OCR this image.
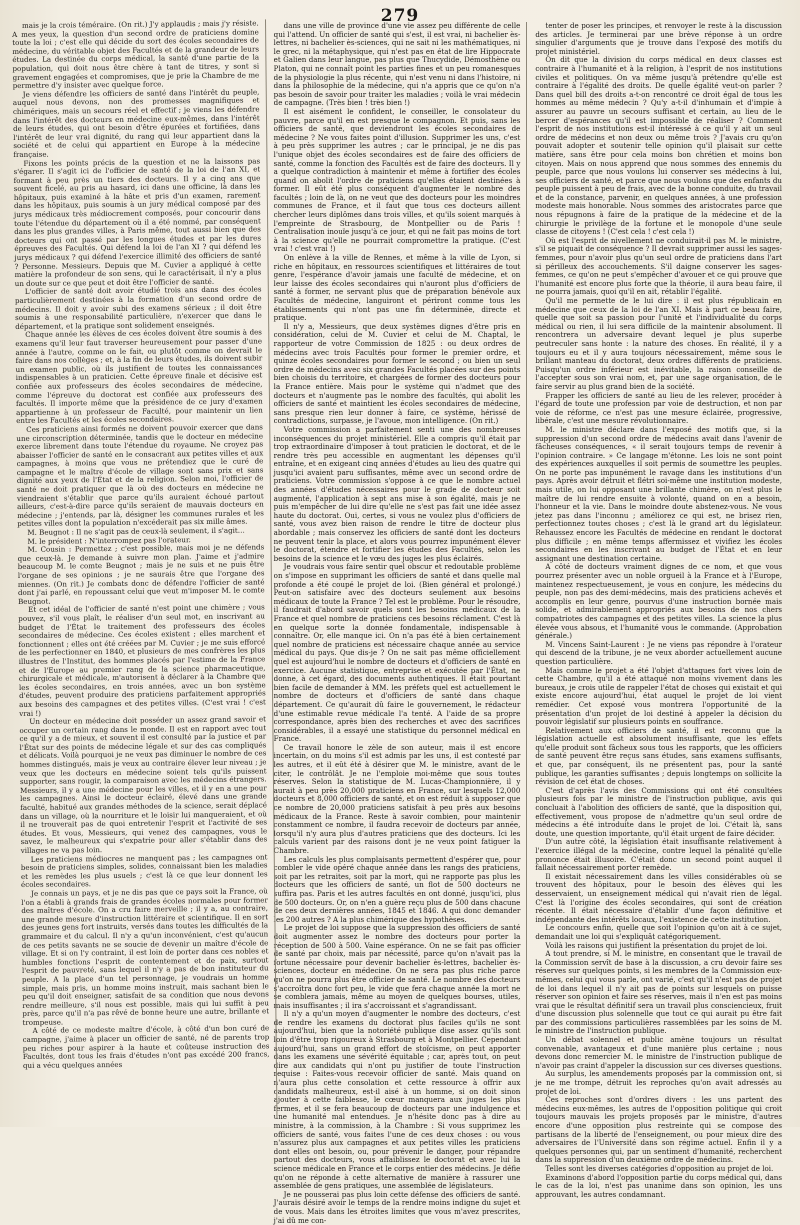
279

mais je la crois téméraire. (On rit.) J'y applaudis ; mais j'y résiste. A mes yeux, la question d'un second ordre de praticiens domine toute la loi ; c'est elle qui décide du sort des écoles secondaires de médecine, du véritable objet des Facultés et de la grandeur de leurs études. La destinée du corps médical, la santé d'une partie de la population, qui doit nous être chère à tant de titres, y sont si gravement engagées et compromises, que je prie la Chambre de me permettre d'y insister avec quelque force.

Je viens défendre les officiers de santé dans l'intérêt du peuple, auquel nous devons, non des promesses magnifiques et chimériques, mais un secours réel et effectif ; je viens les défendre dans l'intérêt des docteurs en médecine eux-mêmes, dans l'intérêt de leurs études, qui ont besoin d'être épurées et fortifiées, dans l'intérêt de leur vrai dignité, du rang qui leur appartient dans la société et de celui qui appartient en Europe à la médecine française.

Fixons les points précis de la question et ne la laissons pas s'égarer. Il s'agit ici de l'officier de santé de la loi de l'an XI, et formant à peu près un tiers des docteurs. Il y a cinq ans que souvent ficelé, au pris au hasard, ici dans une officine, là dans les hôpitaux, puis examiné à la hâte et pris d'un examen, rarement dans les hôpitaux, puis soumis à un jury médical composé par des jurys médicaux très médiocrement composés, pour concourir dans toute l'étendue du département où il a été nommé, par conséquent dans les plus grandes villes, à Paris même, tout aussi bien que des docteurs qui ont passé par les longues études et par les dures épreuves des Facultés. Qui défend la loi de l'an XI ? qui défend les jurys médicaux ? qui défend l'exercice illimité des officiers de santé ? Personne. Messieurs. Depuis que M. Cuvier a appliqué à cette matière la profondeur de son sens, qui le caractérisait, il n'y a plus un doute sur ce que peut et doit être l'officier de santé.

L'officier de santé doit avoir étudié trois ans dans des écoles particulièrement destinées à la formation d'un second ordre de médecins. Il doit y avoir subi des examens sérieux ; il doit être soumis à une responsabilité particulière, n'exercer que dans le département, et la pratique sont solidement enseignés.

Chaque année les élèves de ces écoles doivent être soumis à des examens qu'il leur faut traverser heureusement pour passer d'une année à l'autre, comme on le fait, ou plutôt comme on devrait le faire dans nos collèges ; et, à la fin de leurs études, ils doivent subir un examen public, où ils justifient de toutes les connaissances indispensables à un praticien. Cette épreuve finale et décisive est confiée aux professeurs des écoles secondaires de médecine, comme l'épreuve du doctorat est confiée aux professeurs des facultés. Il importe même que la présidence de ce jury d'examen appartienne à un professeur de Faculté, pour maintenir un lien entre les Facultés et les écoles secondaires.

Ces praticiens ainsi formés ne doivent pouvoir exercer que dans une circonscription déterminée, tandis que le docteur en médecine exerce librement dans toute l'étendue du royaume. Ne croyez pas abaisser l'officier de santé en le consacrant aux petites villes et aux campagnes, à moins que vous ne prétendiez que le curé de campagne et le maître d'école de village sont sans prix et sans dignité aux yeux de l'État et de la religion. Selon moi, l'officier de santé ne doit pratiquer que là où des docteurs en médecine ne viendraient s'établir que parce qu'ils auraient échoué partout ailleurs, c'est-à-dire parce qu'ils seraient de mauvais docteurs en médecine ; j'entends, par là, désigner les communes rurales et les petites villes dont la population n'excéderait pas six mille âmes.

M. Beugnot : Il ne s'agit pas de ceux-là seulement, il s'agit…

M. le président : N'interrompez pas l'orateur.

M. Cousin : Permettez ; c'est possible, mais moi je ne défends que ceux-là. Je demande à suivre mon plan. J'aime et j'admire beaucoup M. le comte Beugnot ; mais je ne suis et ne puis être l'organe de ses opinions ; je ne saurais être que l'organe des miennes. (On rit.) Je combats donc de défendre l'officier de santé dont j'ai parlé, en repoussant celui que veut m'imposer M. le comte Beugnot.

Et cet idéal de l'officier de santé n'est point une chimère ; vous pouvez, s'il vous plaît, le réaliser d'un seul mot, en inscrivant au budget de l'État le traitement des professeurs des écoles secondaires de médecine. Ces écoles existent ; elles marchent et fonctionnent ; elles ont été créées par M. Cuvier ; je me suis efforcé de les perfectionner en 1840, et plusieurs de mes confrères les plus illustres de l'Institut, des hommes placés par l'estime de la France et de l'Europe au premier rang de la science pharmaceutique, chirurgicale et médicale, m'autorisent à déclarer à la Chambre que les écoles secondaires, en trois années, avec un bon système d'études, peuvent produire des praticiens parfaitement appropriés aux besoins des campagnes et des petites villes. (C'est vrai ! c'est vrai !)

Un docteur en médecine doit posséder un assez grand savoir et occuper un certain rang dans le monde. Il est en rapport avec tout ce qu'il y a de mieux, et souvent il est consulté par la justice et par l'État sur des points de médecine légale et sur des cas compliqués et délicats. Voilà pourquoi je ne veux pas diminuer le nombre de ces hommes distingués, mais je veux au contraire élever leur niveau ; je veux que les docteurs en médecine soient tels qu'ils puissent supporter, sans rougir, la comparaison avec les médecins étrangers. Messieurs, il y a une médecine pour les villes, et il y en a une pour les campagnes. Ainsi le docteur éclairé, élevé dans une grande faculté, habitué aux grandes méthodes de la science, serait déplacé dans un village, où la nourriture et le loisir lui manqueraient, et où il ne trouverait pas de quoi entretenir l'esprit et l'activité de ses études. Et vous, Messieurs, qui venez des campagnes, vous le savez, le malheureux qui s'expatrie pour aller s'établir dans des villages ne va pas loin.

Les praticiens médiocres ne manquent pas ; les campagnes ont besoin de praticiens simples, solides, connaissant bien les maladies et les remèdes les plus usuels ; c'est là ce que leur donnent les écoles secondaires.

Je connais un pays, et je ne dis pas que ce pays soit la France, où l'on a établi à grands frais de grandes écoles normales pour former des maîtres d'école. On a cru faire merveille ; il y a, au contraire, une grande mesure d'instruction littéraire et scientifique. Il en sort des jeunes gens fort instruits, versés dans toutes les difficultés de la grammaire et du calcul. Il n'y a qu'un inconvénient, c'est qu'aucun de ces petits savants ne se soucie de devenir un maître d'école de village. Et si on l'y contraint, il est loin de porter dans ces nobles et humbles fonctions l'esprit de contentement et de paix, surtout l'esprit de pauvreté, sans lequel il n'y a pas de bon instituteur du peuple. A la place d'un tel personnage, je voudrais un homme simple, mais pris, un homme moins instruit, mais sachant bien le peu qu'il doit enseigner, satisfait de sa condition que nous devons rendre meilleure, s'il nous est possible, mais qui lui suffit à peu près, parce qu'il n'a pas rêvé de bonne heure une autre, brillante et trompeuse.

A côté de ce modeste maître d'école, à côté d'un bon curé de campagne, j'aime à placer un officier de santé, né de parents trop peu riches pour aspirer à la haute et coûteuse instruction des Facultés, dont tous les frais d'études n'ont pas excédé 200 francs, qui a vécu quelques années

dans une ville de province d'une vie assez peu différente de celle qui l'attend. Un officier de santé qui s'est, il est vrai, ni bachelier ès-lettres, ni bachelier ès-sciences, qui ne sait ni les mathématiques, ni le grec, ni la métaphysique, qui n'est pas en état de lire Hippocrate et Galien dans leur langue, pas plus que Thucydide, Démosthène ou Platon, qui ne connaît point les parties fines et un peu romanesques de la physiologie la plus récente, qui n'est venu ni dans l'histoire, ni dans la philosophie de la médecine, qui n'a appris que ce qu'on n'a pas besoin de savoir pour traiter les maladies ; voilà le vrai médecin de campagne. (Très bien ! très bien !)

Il est aisément le confident, le conseiller, le consolateur du pauvre, parce qu'il en est presque le compagnon. Et puis, sans les officiers de santé, que deviendront les écoles secondaires de médecine ? Ne vous faites point d'illusion. Supprimer les uns, c'est à peu près supprimer les autres ; car le principal, je ne dis pas l'unique objet des écoles secondaires est de faire des officiers de santé, comme la fonction des Facultés est de faire des docteurs. Il y a quelque contradiction à maintenir et même à fortifier des écoles quand on abolit l'ordre de praticiens qu'elles étaient destinées à former. Il eût été plus conséquent d'augmenter le nombre des facultés ; loin de là, on ne veut que des docteurs pour les moindres communes de France, et il faut que tous ces docteurs aillent chercher leurs diplômes dans trois villes, et qu'ils soient marqués à l'empreinte de Strasbourg, de Montpellier ou de Paris ! Centralisation inouïe jusqu'à ce jour, et qui ne fait pas moins de tort à la science qu'elle ne pourrait compromettre la pratique. (C'est vrai ! c'est vrai !)

On enlève à la ville de Rennes, et même à la ville de Lyon, si riche en hôpitaux, en ressources scientifiques et littéraires de tout genre, l'espérance d'avoir jamais une faculté de médecine, et on leur laisse des écoles secondaires qui n'auront plus d'officiers de santé à former, ne servant plus que de préparation bénévole aux Facultés de médecine, languiront et périront comme tous les établissements qui n'ont pas une fin déterminée, directe et pratique.

Il n'y a, Messieurs, que deux systèmes dignes d'être pris en considération, celui de M. Cuvier et celui de M. Chaptal, le rapporteur de votre Commission de 1825 : ou deux ordres de médecins avec trois Facultés pour former le premier ordre, et quinze écoles secondaires pour former le second ; ou bien un seul ordre de médecins avec six grandes Facultés placées sur des points bien choisis du territoire, et chargées de former des docteurs pour la France entière. Mais pour le système qui n'admet que des docteurs et n'augmente pas le nombre des facultés, qui abolit les officiers de santé et maintient les écoles secondaires de médecine, sans presque rien leur donner à faire, ce système, hérissé de contradictions, surpasse, je l'avoue, mon intelligence. (On rit.)

Votre commission a parfaitement senti une des nombreuses inconséquences du projet ministériel. Elle a compris qu'il était par trop extraordinaire d'imposer à tout praticien le doctorat, et de le rendre très peu accessible en augmentant les dépenses qu'il entraîne, et en exigeant cinq années d'études au lieu des quatre qui jusqu'ici avaient paru suffisantes, même avec un second ordre de praticiens. Votre commission s'oppose à ce que le nombre actuel des années d'études nécessaires pour le grade de docteur soit augmenté, l'application à sept ans mise à son égalité, mais je ne puis m'empêcher de lui dire qu'elle ne s'est pas fait une idée assez haute du doctorat. Oui, certes, si vous ne voulez plus d'officiers de santé, vous avez bien raison de rendre le titre de docteur plus abordable ; mais conservez les officiers de santé dont les docteurs ne peuvent tenir la place, et alors vous pourrez impunément élever le doctorat, étendre et fortifier les études des Facultés, selon les besoins de la science et le vœu des juges les plus éclairés.

Je voudrais vous faire sentir quel obscur et redoutable problème on s'impose en supprimant les officiers de santé et dans quelle mal profonde a été coupé le projet de loi. (Bien général et prolongé.) Peut-on satisfaire avec des docteurs seulement aux besoins médicaux de toute la France ? Tel est le problème. Pour le résoudre, il faudrait d'abord savoir quels sont les besoins médicaux de la France et quel nombre de praticiens ces besoins réclament. C'est là en quelque sorte la donnée fondamentale, indispensable à connaître. Or, elle manque ici. On n'a pas été à bien certainement quel nombre de praticiens est nécessaire chaque année au service médical du pays. Que dis-je ? On ne sait pas même officiellement quel est aujourd'hui le nombre de docteurs et d'officiers de santé en exercice. Aucune statistique, entreprise et exécutée par l'État, ne donne, à cet égard, des documents authentiques. Il était pourtant bien facile de demander à MM. les préfets quel est actuellement le nombre de docteurs et d'officiers de santé dans chaque département. Ce qu'aurait dû faire le gouvernement, le rédacteur d'une estimable revue médicale l'a tenté. A l'aide de sa propre correspondance, après bien des recherches et avec des sacrifices considérables, il a essayé une statistique du personnel médical en France.

Ce travail honore le zèle de son auteur, mais il est encore incertain, on du moins s'il est admis par les uns, il est contesté par les autres, et il eût été à désirer que M. le ministre, avant de le citer, le contrôlât. Je ne l'emploie moi-même que sous toutes réserves. Selon la statistique de M. Lucas-Championnière, il y aurait à peu près 20,000 praticiens en France, sur lesquels 12,000 docteurs et 8,000 officiers de santé, et on est réduit à supposer que ce nombre de 20,000 praticiens satisfait à peu près aux besoins médicaux de la France. Reste à savoir combien, pour maintenir constamment ce nombre, il faudra recevoir de docteurs par année, lorsqu'il n'y aura plus d'autres praticiens que des docteurs. Ici les calculs varient par des raisons dont je ne veux point fatiguer la Chambre.

Les calculs les plus complaisants permettent d'espérer que, pour combler le vide opéré chaque année dans les rangs des praticiens, soit par les retraites, soit par la mort, qui ne rapporte pas plus les docteurs que les officiers de santé, un flot de 500 docteurs ne suffira pas. Paris et les autres facultés en ont donné, jusqu'ici, plus de 500 docteurs. Or, on n'en a guère reçu plus de 500 dans chacune de ces deux dernières années, 1845 et 1846. A qui donc demander les 200 autres ? A la plus chimérique des hypothèses.

Le projet de loi suppose que la suppression des officiers de santé doit augmenter assez le nombre des docteurs pour porter la réception de 500 à 500. Vaine espérance. On ne se fait pas officier de santé par choix, mais par nécessité, parce qu'on n'avait pas la fortune nécessaire pour devenir bachelier ès-lettres, bachelier ès-sciences, docteur en médecine. On ne sera pas plus riche parce qu'on ne pourra plus être officier de santé. Le nombre des docteurs s'accroîtra donc fort peu, le vide que fera chaque année la mort ne se comblera jamais, même au moyen de quelques bourses, utiles, mais insuffisantes ; il ira s'accroissant et s'agrandissant.

Il n'y a qu'un moyen d'augmenter le nombre des docteurs, c'est de rendre les examens du doctorat plus faciles qu'ils ne sont aujourd'hui, bien que la notoriété publique dise assez qu'ils sont loin d'être trop rigoureux à Strasbourg et à Montpellier. Cependant aujourd'hui, sans un grand effort de stoïcisme, on peut apporter dans les examens une sévérité équitable ; car, après tout, on peut dire aux candidats qui n'ont pu justifier de toute l'instruction requise : Faites-vous recevoir officier de santé. Mais quand on n'aura plus cette consolation et cette ressource à offrir aux candidats malheureux, est-il aisé à un homme, si on doit sinon ajouter à cette faiblesse, le cœur manquera aux juges les plus fermes, et il se fera beaucoup de docteurs par une indulgence et une humanité mal entendues. Je n'hésite donc pas à dire au ministre, à la commission, à la Chambre : Si vous supprimez les officiers de santé, vous faites l'une de ces deux choses : ou vous n'assurez plus aux campagnes et aux petites villes les praticiens dont elles ont besoin, ou, pour prévenir le danger, pour répandre partout des docteurs, vous affaiblissez le doctorat et avec lui la science médicale en France et le corps entier des médecins. Je défie qu'on ne réponde à cette alternative de manière à rassurer une assemblée de gens pratiques, une assemblée de législateurs.

Je ne pousserai pas plus loin cette défense des officiers de santé. J'aurais désiré avoir le temps de la rendre moins indigne du sujet et de vous. Mais dans les étroites limites que vous m'avez prescrites, j'ai dû me con-

tenter de poser les principes, et renvoyer le reste à la discussion des articles. Je terminerai par une brève réponse à un ordre singulier d'arguments que je trouve dans l'exposé des motifs du projet ministériel.

On dit que la division du corps médical en deux classes est contraire à l'humanité et à la religion, à l'esprit de nos institutions civiles et politiques. On va même jusqu'à prétendre qu'elle est contraire à l'égalité des droits. De quelle égalité veut-on parler ? Dans quel bill des droits a-t-on rencontré ce droit égal de tous les hommes au même médecin ? Qu'y a-t-il d'inhumain et d'impie à assurer au pauvre un secours suffisant et certain, au lieu de le bercer d'espérances qu'il est impossible de réaliser ? Comment l'esprit de nos institutions est-il intéressé à ce qu'il y ait un seul ordre de médecins et non deux ou même trois ? J'avais cru qu'on pouvait adopter et soutenir telle opinion qu'il plaisait sur cette matière, sans être pour cela moins bon chrétien et moins bon citoyen. Mais on nous apprend que nous sommes des ennemis du peuple, parce que nous voulons lui conserver ses médecins à lui, ses officiers de santé, et parce que nous voulons que des enfants du peuple puissent à peu de frais, avec de la bonne conduite, du travail et de la constance, parvenir, en quelques années, à une profession modeste mais honorable. Nous sommes des aristocrates parce que nous répugnons à faire de la pratique de la médecine et de la chirurgie le privilège de la fortune et le monopole d'une seule classe de citoyens ! (C'est cela ! c'est cela !)

Où est l'esprit de nivellement ne conduirait-il pas M. le ministre, s'il se piquait de conséquence ? Il devrait supprimer aussi les sages-femmes, pour n'avoir plus qu'un seul ordre de praticiens dans l'art si périlleux des accouchements. S'il daigne conserver les sages-femmes, ce qu'on ne peut s'empêcher d'avouer et ce qui prouve que l'humanité est encore plus forte que la théorie, il aura beau faire, il ne pourra jamais, quoi qu'il en ait, rétablir l'égalité.

Qu'il me permette de le lui dire : il est plus républicain en médecine que ceux de la loi de l'an XI. Mais à part ce beau faire, quelle que soit sa passion pour l'unité et l'individualité du corps médical ou rien, il lui sera difficile de la maintenir absolument. Il rencontrera un adversaire devant lequel je plus superbe peutreculer sans honte : la nature des choses. En réalité, il y a toujours eu et il y aura toujours nécessairement, même sous le brillant manteau du doctorat, deux ordres différents de praticiens. Puisqu'un ordre inférieur est inévitable, la raison conseille de l'accepter sous son vrai nom, et, par une sage organisation, de le faire servir au plus grand bien de la société.

Frapper les officiers de santé au lieu de les relever, procéder à l'égard de toute une profession par voie de destruction, et non par voie de réforme, ce n'est pas une mesure éclairée, progressive, libérale, c'est une mesure révolutionnaire.

M. le ministre déclare dans l'exposé des motifs que, si la suppression d'un second ordre de médecins avait dans l'avenir de fâcheuses conséquences, « il serait toujours temps de revenir à l'opinion contraire. » Ce langage m'étonne. Les lois ne sont point des expériences auxquelles il soit permis de soumettre les peuples. On ne porte pas impunément le ravage dans les institutions d'un pays. Après avoir détruit et flétri soi-même une institution modeste, mais utile, on lui opposant une brillante chimère, on n'est plus le maître de lui rendre ensuite à volonté, quand on en a besoin, l'honneur et la vie. Dans le moindre doute abstenez-vous. Ne vous jetez pas dans l'inconnu ; améliorez ce qui est, ne brisez rien, perfectionnez toutes choses ; c'est là le grand art du législateur. Rehaussez encore les Facultés de médecine en rendant le doctorat plus difficile ; en même temps affermissez et vivifiez les écoles secondaires en les inscrivant au budget de l'État et en leur assignant une destination certaine.

A côté de docteurs vraiment dignes de ce nom, et que vous pourrez présenter avec un noble orgueil à la France et à l'Europe, maintenez respectueusement, je vous en conjure, les médecins du peuple, non pas des demi-médecins, mais des praticiens achevés et accomplis en leur genre, pourvus d'une instruction bornée mais solide, et admirablement appropriés aux besoins de nos chers compatriotes des campagnes et des petites villes. La science la plus élevée vous absous, et l'humanité vous le commande. (Approbation générale.)

M. Vincens Saint-Laurent : Je ne viens pas répondre à l'orateur qui descend de la tribune, je ne veux aborder actuellement aucune question particulière.

Mais comme le projet a été l'objet d'attaques fort vives loin de cette Chambre, qu'il a été attaqué non moins vivement dans les bureaux, je crois utile de rappeler l'état de choses qui existait et qui existe encore aujourd'hui, état auquel le projet de loi vient remédier. Cet exposé vous montrera l'opportunité de la présentation d'un projet de loi destiné à appeler la décision du pouvoir législatif sur plusieurs points en souffrance.

Relativement aux officiers de santé, il est reconnu que la législation actuelle est absolument insuffisante, que les effets qu'elle produit sont fâcheux sous tous les rapports, que les officiers de santé peuvent être reçus sans études, sans examens suffisants, et que, par conséquent, ils ne présentent pas, pour la santé publique, les garanties suffisantes ; depuis longtemps on sollicite la révision de cet état de choses.

C'est d'après l'avis des Commissions qui ont été consultées plusieurs fois par le ministre de l'instruction publique, avis qui concluait à l'abolition des officiers de santé, que la disposition qui, effectivement, vous propose de n'admettre qu'un seul ordre de médecins a été introduite dans le projet de loi. C'était là, sans doute, une question importante, qu'il était urgent de faire décider.

D'un autre côté, la législation était insuffisante relativement à l'exercice illégal de la médecine, contre lequel la pénalité qu'elle prononce était illusoire. C'était donc un second point auquel il fallait nécessairement porter remède.

Il existait nécessairement dans les villes considérables où se trouvent des hôpitaux, pour le besoin des élèves qui les desservaient, un enseignement médical qui n'avait rien de légal. C'est là l'origine des écoles secondaires, qui sont de création récente. Il était nécessaire d'établir d'une façon définitive et indépendante des intérêts locaux, l'existence de cette institution.

Le concours enfin, quelle que soit l'opinion qu'on ait à ce sujet, demandait une loi qui s'expliquât catégoriquement.

Voilà les raisons qui justifient la présentation du projet de loi.

A tout prendre, si M. le ministre, en consentant que le travail de la Commission servît de base à la discussion, a cru devoir faire ses réserves sur quelques points, si les membres de la Commission eux-mêmes, celui qui vous parle, ont varié, c'est qu'il n'est pas de projet de loi dans lequel il n'y ait pas de points sur lesquels on puisse réserver son opinion et faire ses réserves, mais il n'en est pas moins vrai que le résultat définitif sera un travail plus consciencieux, fruit d'une discussion plus solennelle que tout ce qui aurait pu être fait par des commissions particulières rassemblées par les soins de M. le ministre de l'instruction publique.

Un débat solennel et public amène toujours un résultat convenable, avantageux et d'une manière plus certaine ; nous devons donc remercier M. le ministre de l'instruction publique de n'avoir pas craint d'appeler la discussion sur ces diverses questions.

Au surplus, les amendements proposés par la commission ont, si je ne me trompe, détruit les reproches qu'on avait adressés au projet de loi.

Ces reproches sont d'ordres divers : les uns partent des médecins eux-mêmes, les autres de l'opposition politique qui croit toujours mauvais les projets proposés par le ministre, d'autres encore d'une opposition plus restreinte qui se compose des partisans de la liberté de l'enseignement, ou pour mieux dire des adversaires de l'Université dans son régime actuel. Enfin il y a quelques personnes qui, par un sentiment d'humanité, recherchent dans la suppression d'un deuxième ordre de médecins.

Telles sont les diverses catégories d'opposition au projet de loi.

Examinons d'abord l'opposition partie du corps médical qui, dans le cas de la loi, n'est pas unanime dans son opinion, les uns approuvant, les autres condamnant.
